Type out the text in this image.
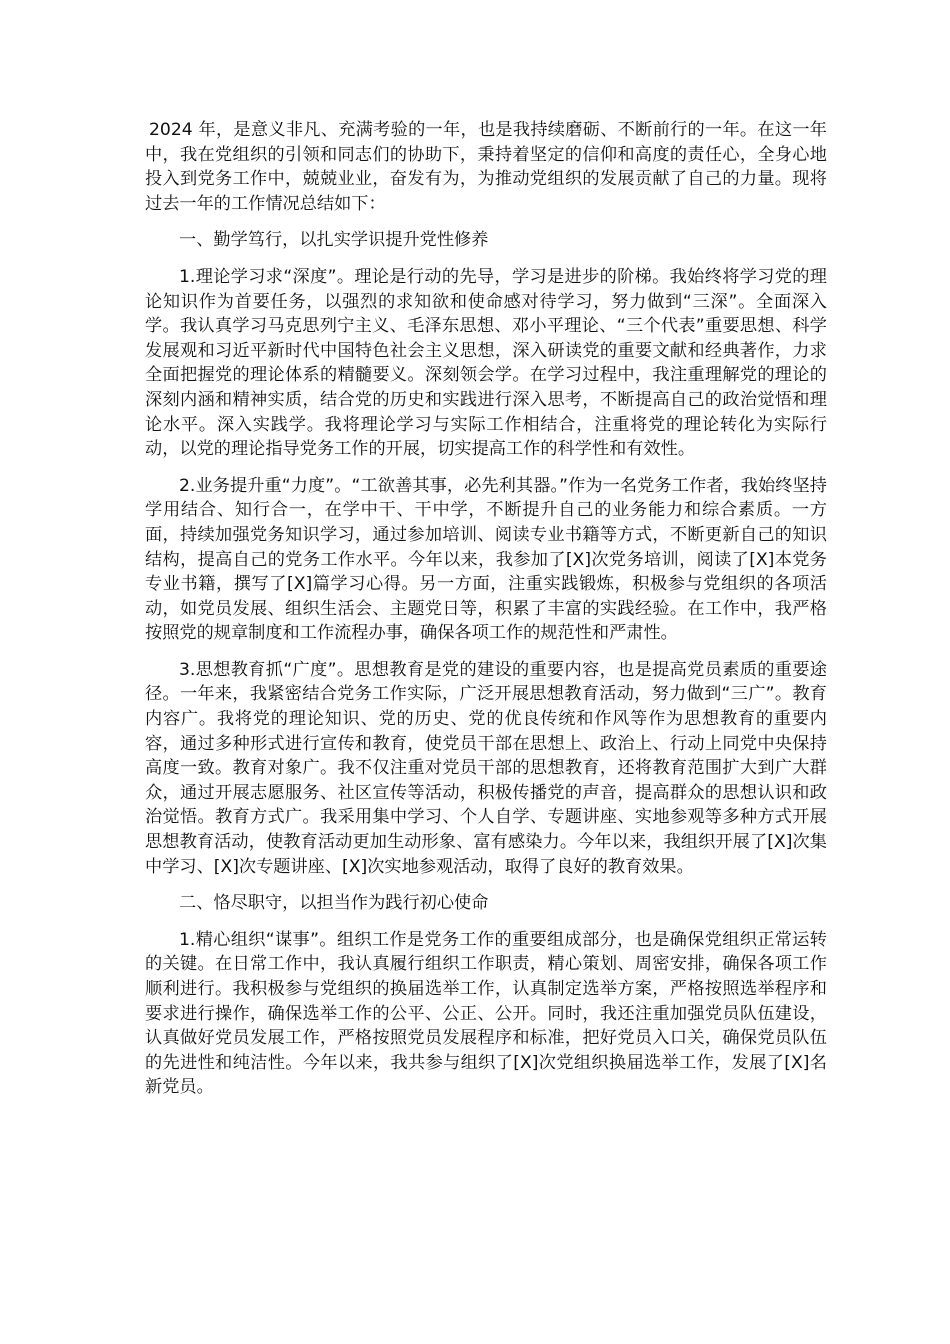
2024 年，是意义非凡、充满考验的一年，也是我持续磨砺、不断前行的一年。在这一年中，我在党组织的引领和同志们的协助下，秉持着坚定的信仰和高度的责任心，全身心地投入到党务工作中，兢兢业业，奋发有为，为推动党组织的发展贡献了自己的力量。现将过去一年的工作情况总结如下：

一、勤学笃行，以扎实学识提升党性修养

1.理论学习求“深度”。理论是行动的先导，学习是进步的阶梯。我始终将学习党的理论知识作为首要任务，以强烈的求知欲和使命感对待学习，努力做到“三深”。全面深入学。我认真学习马克思列宁主义、毛泽东思想、邓小平理论、“三个代表”重要思想、科学发展观和习近平新时代中国特色社会主义思想，深入研读党的重要文献和经典著作，力求全面把握党的理论体系的精髓要义。深刻领会学。在学习过程中，我注重理解党的理论的深刻内涵和精神实质，结合党的历史和实践进行深入思考，不断提高自己的政治觉悟和理论水平。深入实践学。我将理论学习与实际工作相结合，注重将党的理论转化为实际行动，以党的理论指导党务工作的开展，切实提高工作的科学性和有效性。

2.业务提升重“力度”。“工欲善其事，必先利其器。”作为一名党务工作者，我始终坚持学用结合、知行合一，在学中干、干中学，不断提升自己的业务能力和综合素质。一方面，持续加强党务知识学习，通过参加培训、阅读专业书籍等方式，不断更新自己的知识结构，提高自己的党务工作水平。今年以来，我参加了[X]次党务培训，阅读了[X]本党务专业书籍，撰写了[X]篇学习心得。另一方面，注重实践锻炼，积极参与党组织的各项活动，如党员发展、组织生活会、主题党日等，积累了丰富的实践经验。在工作中，我严格按照党的规章制度和工作流程办事，确保各项工作的规范性和严肃性。

3.思想教育抓“广度”。思想教育是党的建设的重要内容，也是提高党员素质的重要途径。一年来，我紧密结合党务工作实际，广泛开展思想教育活动，努力做到“三广”。教育内容广。我将党的理论知识、党的历史、党的优良传统和作风等作为思想教育的重要内容，通过多种形式进行宣传和教育，使党员干部在思想上、政治上、行动上同党中央保持高度一致。教育对象广。我不仅注重对党员干部的思想教育，还将教育范围扩大到广大群众，通过开展志愿服务、社区宣传等活动，积极传播党的声音，提高群众的思想认识和政治觉悟。教育方式广。我采用集中学习、个人自学、专题讲座、实地参观等多种方式开展思想教育活动，使教育活动更加生动形象、富有感染力。今年以来，我组织开展了[X]次集中学习、[X]次专题讲座、[X]次实地参观活动，取得了良好的教育效果。

二、恪尽职守，以担当作为践行初心使命

1.精心组织“谋事”。组织工作是党务工作的重要组成部分，也是确保党组织正常运转的关键。在日常工作中，我认真履行组织工作职责，精心策划、周密安排，确保各项工作顺利进行。我积极参与党组织的换届选举工作，认真制定选举方案，严格按照选举程序和要求进行操作，确保选举工作的公平、公正、公开。同时，我还注重加强党员队伍建设，认真做好党员发展工作，严格按照党员发展程序和标准，把好党员入口关，确保党员队伍的先进性和纯洁性。今年以来，我共参与组织了[X]次党组织换届选举工作，发展了[X]名新党员。
